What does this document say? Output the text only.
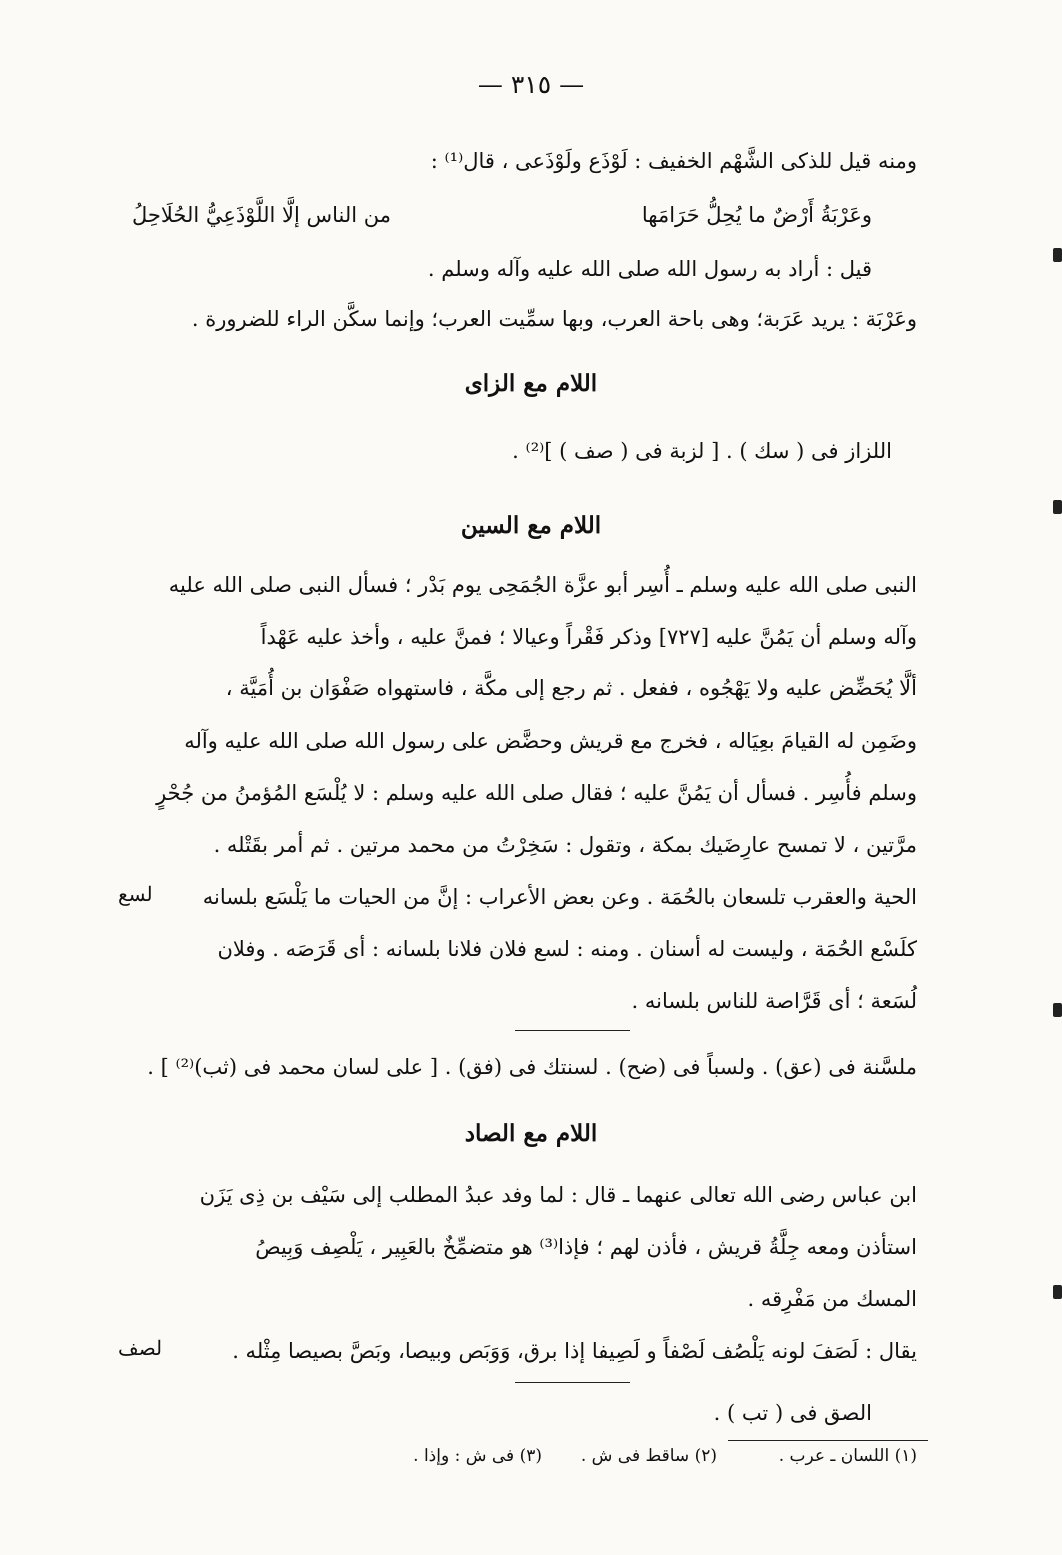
— ٣١٥ —
ومنه قيل للذكى الشَّهْم الخفيف : لَوْذَع ولَوْذَعى ، قال⁽¹⁾ :
وعَرْبَةُ أَرْضٌ ما يُحِلُّ حَرَامَها
من الناس إلَّا اللَّوْذَعِيُّ الحُلَاحِلُ
قيل : أراد به رسول الله صلى الله عليه وآله وسلم .
وعَرْبَة : يريد عَرَبة؛ وهى باحة العرب، وبها سمِّيت العرب؛ وإنما سكَّن الراء للضرورة .
اللام مع الزاى
اللزاز فى ( سك ) . [ لزبة فى ( صف ) ]⁽²⁾ .
اللام مع السين
النبى صلى الله عليه وسلم ـ أُسِر أبو عزَّة الجُمَحِى يوم بَدْر ؛ فسأل النبى صلى الله عليه
وآله وسلم أن يَمُنَّ عليه [٧٢٧] وذكر فَقْراً وعيالا ؛ فمنَّ عليه ، وأخذ عليه عَهْداً
ألَّا يُحَضِّض عليه ولا يَهْجُوه ، ففعل . ثم رجع إلى مكَّة ، فاستهواه صَفْوَان بن أُمَيَّة ،
وضَمِن له القيامَ بعِيَاله ، فخرج مع قريش وحضَّض على رسول الله صلى الله عليه وآله
وسلم فأُسِر . فسأل أن يَمُنَّ عليه ؛ فقال صلى الله عليه وسلم : لا يُلْسَع المُؤمنُ من جُحْرٍ
مرَّتين ، لا تمسح عارِضَيك بمكة ، وتقول : سَخِرْتُ من محمد مرتين . ثم أمر بقَتْله .
الحية والعقرب تلسعان بالحُمَة . وعن بعض الأعراب : إنَّ من الحيات ما يَلْسَع بلسانه
لسع
كلَسْع الحُمَة ، وليست له أسنان . ومنه : لسع فلان فلانا بلسانه : أى قَرَصَه . وفلان
لُسَعة ؛ أى قَرَّاصة للناس بلسانه .
ملسَّنة فى (عق) . ولسباً فى (ضح) . لسنتك فى (فق) . [ على لسان محمد فى (ثب)⁽²⁾ ] .
اللام مع الصاد
ابن عباس رضى الله تعالى عنهما ـ قال : لما وفد عبدُ المطلب إلى سَيْف بن ذِى يَزَن
استأذن ومعه جِلَّةُ قريش ، فأذن لهم ؛ فإذا⁽³⁾ هو متضمِّخٌ بالعَبِير ، يَلْصِف وَبِيصُ
المسك من مَفْرِقه .
يقال : لَصَفَ لونه يَلْصُف لَصْفاً و لَصِيفا إذا برق، وَوَبَص وبيصا، وبَصَّ بصيصا مِثْله .
لصف
الصق فى ( تب ) .
(١) اللسان ـ عرب .
(٢) ساقط فى ش .
(٣) فى ش : وإذا .
